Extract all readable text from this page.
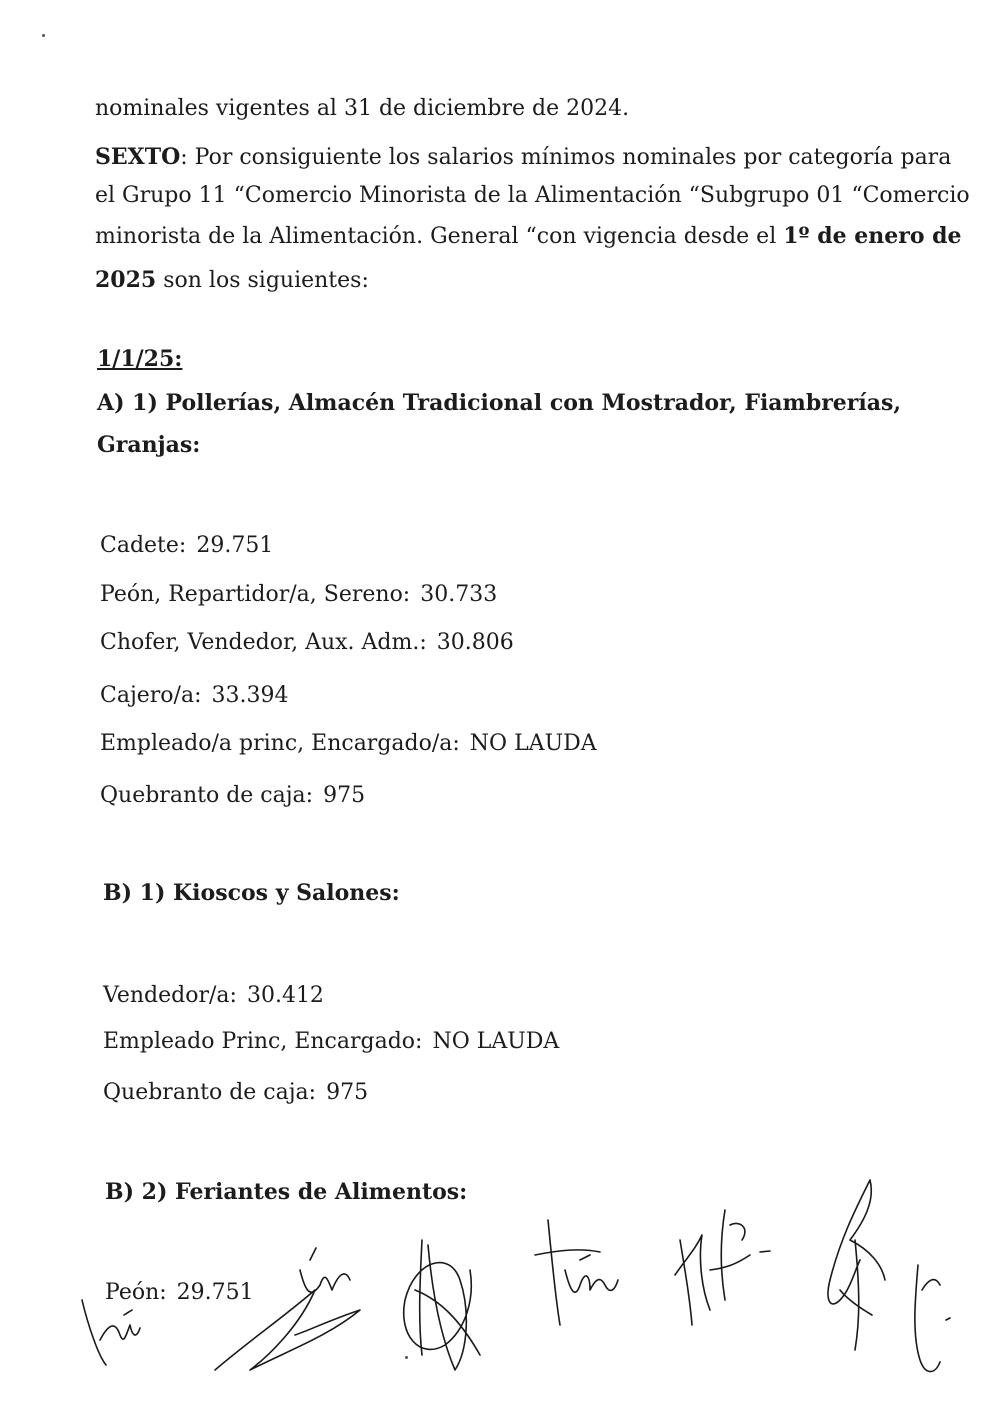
nominales vigentes al 31 de diciembre de 2024.
SEXTO: Por consiguiente los salarios mínimos nominales por categoría para
el Grupo 11 “Comercio Minorista de la Alimentación “Subgrupo 01 “Comercio
minorista de la Alimentación. General “con vigencia desde el 1º de enero de
2025 son los siguientes:
1/1/25:
A) 1) Pollerías, Almacén Tradicional con Mostrador, Fiambrerías,
Granjas:
Cadete: 29.751
Peón, Repartidor/a, Sereno: 30.733
Chofer, Vendedor, Aux. Adm.: 30.806
Cajero/a: 33.394
Empleado/a princ, Encargado/a: NO LAUDA
Quebranto de caja: 975
B) 1) Kioscos y Salones:
Vendedor/a: 30.412
Empleado Princ, Encargado: NO LAUDA
Quebranto de caja: 975
B) 2) Feriantes de Alimentos:
Peón: 29.751
